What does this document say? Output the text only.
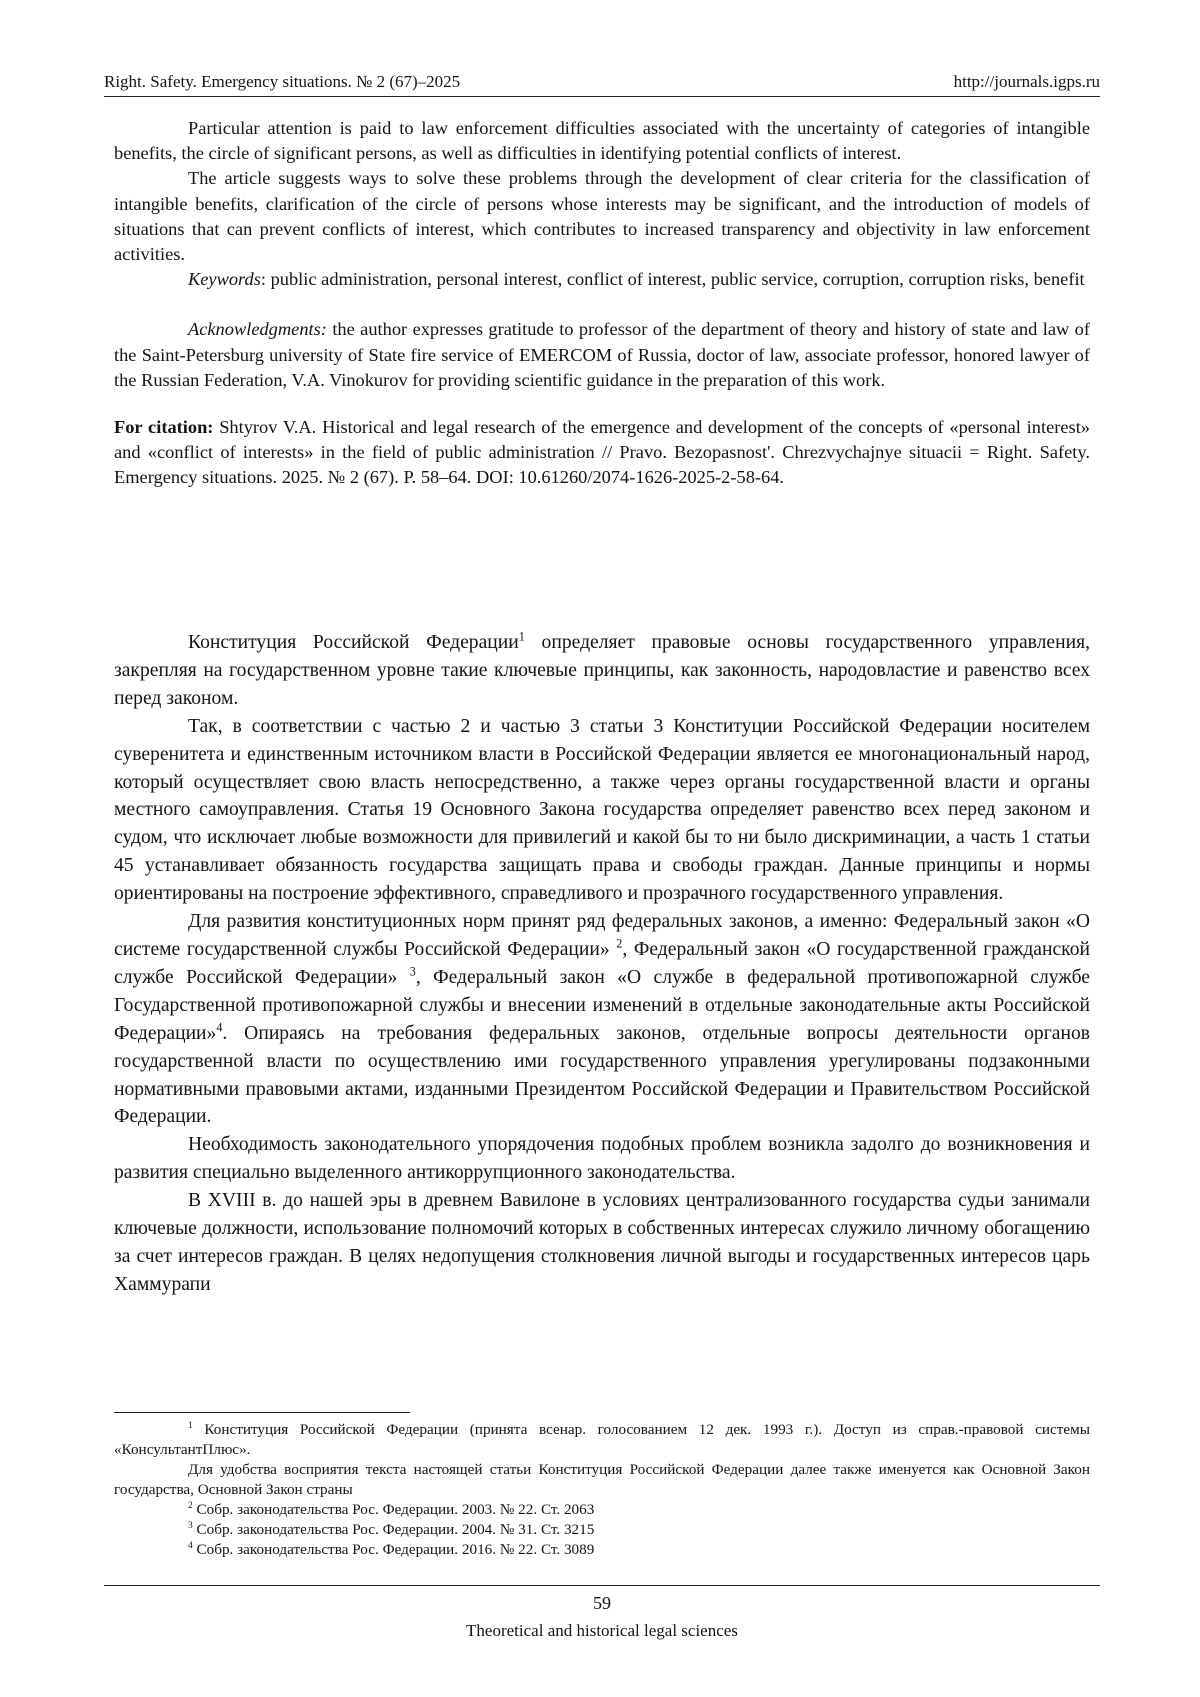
Right. Safety. Emergency situations. № 2 (67)–2025	http://journals.igps.ru

Particular attention is paid to law enforcement difficulties associated with the uncertainty of categories of intangible benefits, the circle of significant persons, as well as difficulties in identifying potential conflicts of interest.

The article suggests ways to solve these problems through the development of clear criteria for the classification of intangible benefits, clarification of the circle of persons whose interests may be significant, and the introduction of models of situations that can prevent conflicts of interest, which contributes to increased transparency and objectivity in law enforcement activities.

Keywords: public administration, personal interest, conflict of interest, public service, corruption, corruption risks, benefit

Acknowledgments: the author expresses gratitude to professor of the department of theory and history of state and law of the Saint-Petersburg university of State fire service of EMERCOM of Russia, doctor of law, associate professor, honored lawyer of the Russian Federation, V.A. Vinokurov for providing scientific guidance in the preparation of this work.

For citation: Shtyrov V.A. Historical and legal research of the emergence and development of the concepts of «personal interest» and «conflict of interests» in the field of public administration // Pravo. Bezopasnost'. Chrezvychajnye situacii = Right. Safety. Emergency situations. 2025. № 2 (67). P. 58–64. DOI: 10.61260/2074-1626-2025-2-58-64.

Конституция Российской Федерации$^1$ определяет правовые основы государственного управления, закрепляя на государственном уровне такие ключевые принципы, как законность, народовластие и равенство всех перед законом.

Так, в соответствии с частью 2 и частью 3 статьи 3 Конституции Российской Федерации носителем суверенитета и единственным источником власти в Российской Федерации является ее многонациональный народ, который осуществляет свою власть непосредственно, а также через органы государственной власти и органы местного самоуправления. Статья 19 Основного Закона государства определяет равенство всех перед законом и судом, что исключает любые возможности для привилегий и какой бы то ни было дискриминации, а часть 1 статьи 45 устанавливает обязанность государства защищать права и свободы граждан. Данные принципы и нормы ориентированы на построение эффективного, справедливого и прозрачного государственного управления.

Для развития конституционных норм принят ряд федеральных законов, а именно: Федеральный закон «О системе государственной службы Российской Федерации» $^2$, Федеральный закон «О государственной гражданской службе Российской Федерации» $^3$, Федеральный закон «О службе в федеральной противопожарной службе Государственной противопожарной службы и внесении изменений в отдельные законодательные акты Российской Федерации»$^4$. Опираясь на требования федеральных законов, отдельные вопросы деятельности органов государственной власти по осуществлению ими государственного управления урегулированы подзаконными нормативными правовыми актами, изданными Президентом Российской Федерации и Правительством Российской Федерации.

Необходимость законодательного упорядочения подобных проблем возникла задолго до возникновения и развития специально выделенного антикоррупционного законодательства.

В XVIII в. до нашей эры в древнем Вавилоне в условиях централизованного государства судьи занимали ключевые должности, использование полномочий которых в собственных интересах служило личному обогащению за счет интересов граждан. В целях недопущения столкновения личной выгоды и государственных интересов царь Хаммурапи

$^1$ Конституция Российской Федерации (принята всенар. голосованием 12 дек. 1993 г.). Доступ из справ.-правовой системы «КонсультантПлюс».

Для удобства восприятия текста настоящей статьи Конституция Российской Федерации далее также именуется как Основной Закон государства, Основной Закон страны

$^2$ Собр. законодательства Рос. Федерации. 2003. № 22. Ст. 2063

$^3$ Собр. законодательства Рос. Федерации. 2004. № 31. Ст. 3215

$^4$ Собр. законодательства Рос. Федерации. 2016. № 22. Ст. 3089

59
Theoretical and historical legal sciences
